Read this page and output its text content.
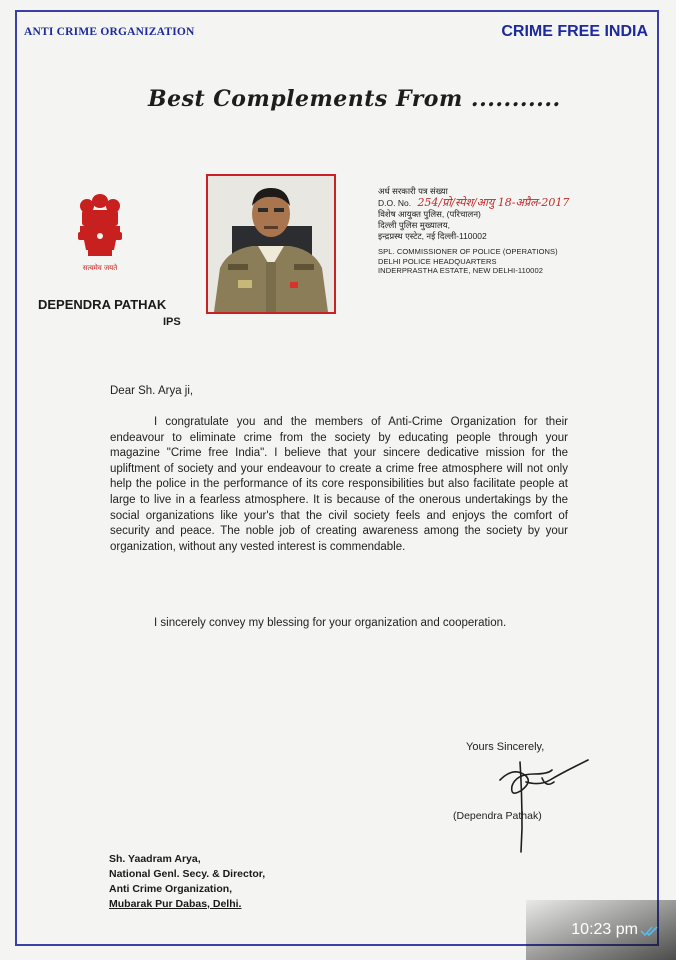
ANTI CRIME ORGANIZATION	CRIME FREE INDIA
Best Complements From ...........
सत्यमेव जयते
DEPENDRA PATHAK
IPS
अर्ध सरकारी पत्र संख्या
D.O. No. 254/प्रो/स्पेश/आयु 18-अप्रैल-2017
विशेष आयुक्त पुलिस, (परिचालन)
दिल्ली पुलिस मुख्यालय,
इन्द्रप्रस्थ एस्टेट, नई दिल्ली-110002
SPL. COMMISSIONER OF POLICE (OPERATIONS)
DELHI POLICE HEADQUARTERS
INDERPRASTHA ESTATE, NEW DELHI-110002
Dear Sh. Arya ji,

I congratulate you and the members of Anti-Crime Organization for their endeavour to eliminate crime from the society by educating people through your magazine "Crime free India". I believe that your sincere dedicative mission for the upliftment of society and your endeavour to create a crime free atmosphere will not only help the police in the performance of its core responsibilities but also facilitate people at large to live in a fearless atmosphere. It is because of the onerous undertakings by the social organizations like your's that the civil society feels and enjoys the comfort of security and peace. The noble job of creating awareness among the society by your organization, without any vested interest is commendable.

I sincerely convey my blessing for your organization and cooperation.

Yours Sincerely,
(Dependra Pathak)
Sh. Yaadram Arya,
National Genl. Secy. & Director,
Anti Crime Organization,
Mubarak Pur Dabas, Delhi.
10:23 pm
